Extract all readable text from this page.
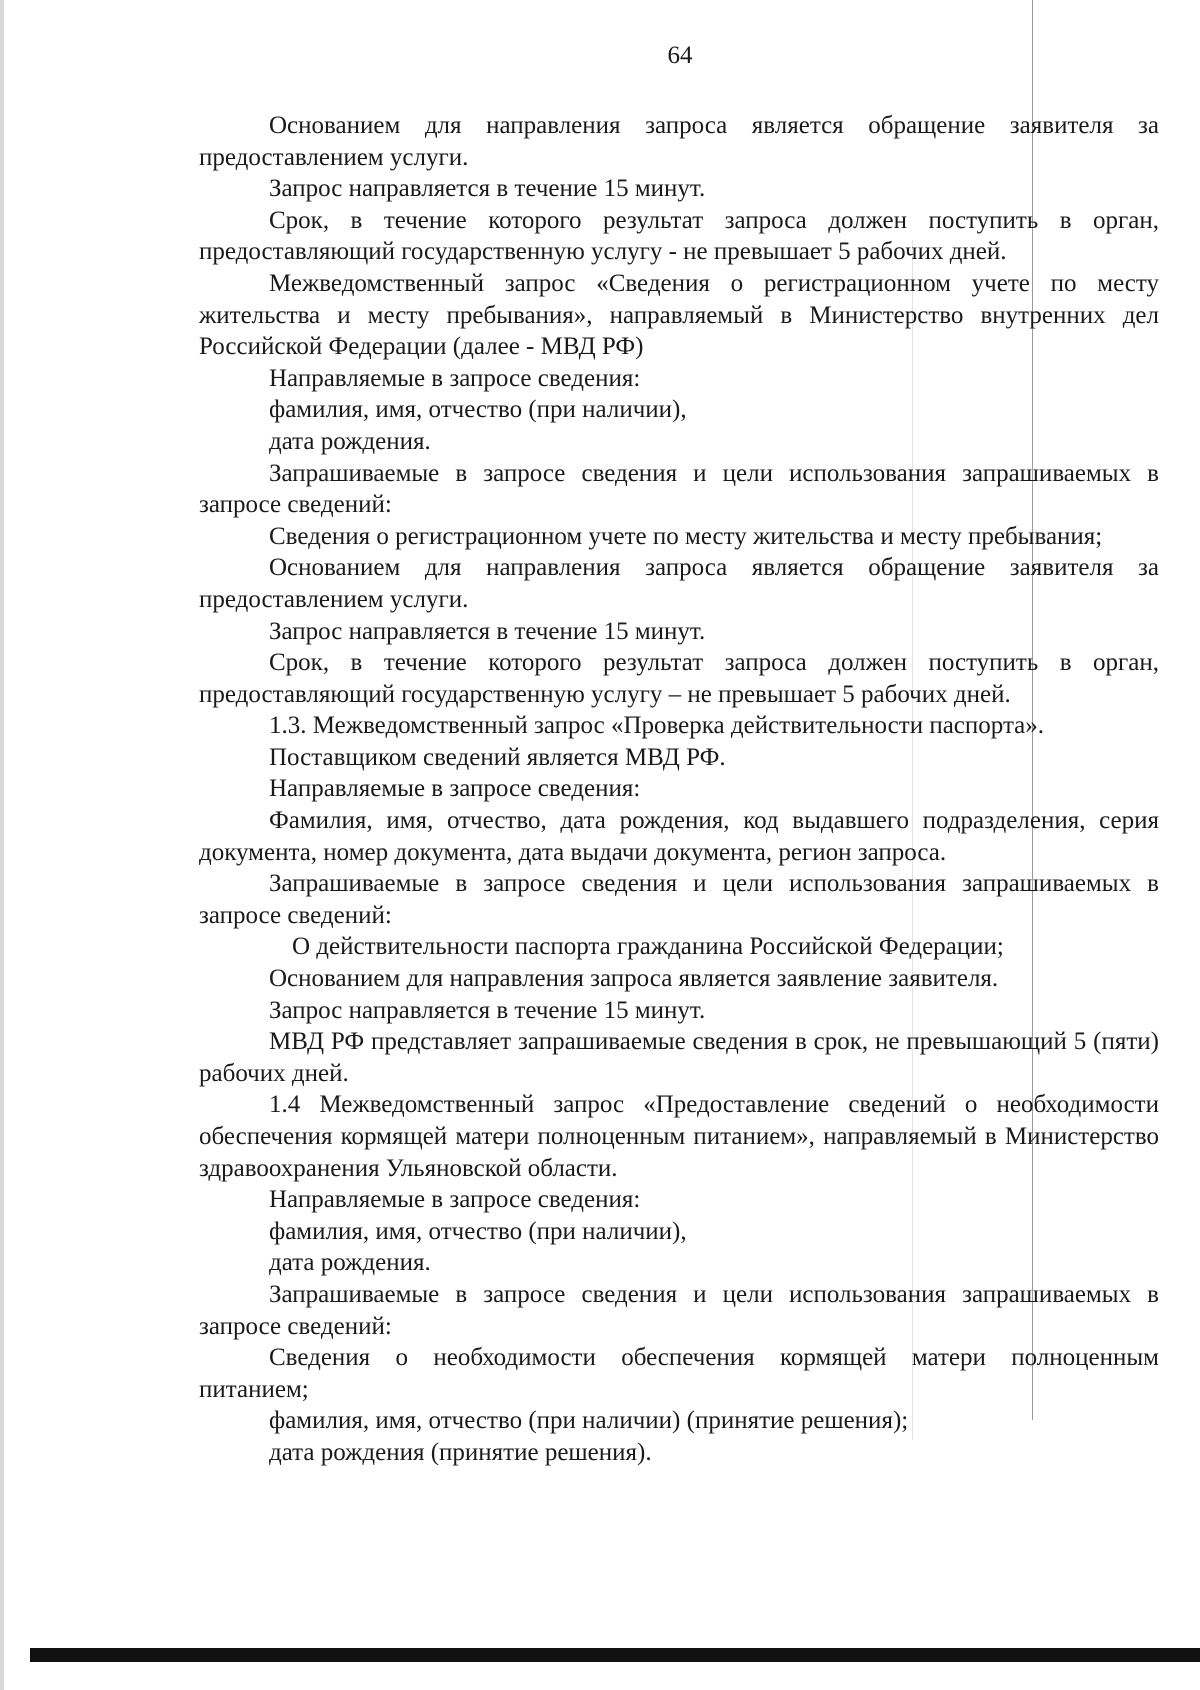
64

Основанием для направления запроса является обращение заявителя за предоставлением услуги.

Запрос направляется в течение 15 минут.

Срок, в течение которого результат запроса должен поступить в орган, предоставляющий государственную услугу - не превышает 5 рабочих дней.

Межведомственный запрос «Сведения о регистрационном учете по месту жительства и месту пребывания», направляемый в Министерство внутренних дел Российской Федерации (далее - МВД РФ)

Направляемые в запросе сведения:

фамилия, имя, отчество (при наличии),

дата рождения.

Запрашиваемые в запросе сведения и цели использования запрашиваемых в запросе сведений:

Сведения о регистрационном учете по месту жительства и месту пребывания;

Основанием для направления запроса является обращение заявителя за предоставлением услуги.

Запрос направляется в течение 15 минут.

Срок, в течение которого результат запроса должен поступить в орган, предоставляющий государственную услугу – не превышает 5 рабочих дней.

1.3. Межведомственный запрос «Проверка действительности паспорта».

Поставщиком сведений является МВД РФ.

Направляемые в запросе сведения:

Фамилия, имя, отчество, дата рождения, код выдавшего подразделения, серия документа, номер документа, дата выдачи документа, регион запроса.

Запрашиваемые в запросе сведения и цели использования запрашиваемых в запросе сведений:

О действительности паспорта гражданина Российской Федерации;

Основанием для направления запроса является заявление заявителя.

Запрос направляется в течение 15 минут.

МВД РФ представляет запрашиваемые сведения в срок, не превышающий 5 (пяти) рабочих дней.

1.4 Межведомственный запрос «Предоставление сведений о необходимости обеспечения кормящей матери полноценным питанием», направляемый в Министерство здравоохранения Ульяновской области.

Направляемые в запросе сведения:

фамилия, имя, отчество (при наличии),

дата рождения.

Запрашиваемые в запросе сведения и цели использования запрашиваемых в запросе сведений:

Сведения о необходимости обеспечения кормящей матери полноценным питанием;

фамилия, имя, отчество (при наличии) (принятие решения);

дата рождения (принятие решения).
